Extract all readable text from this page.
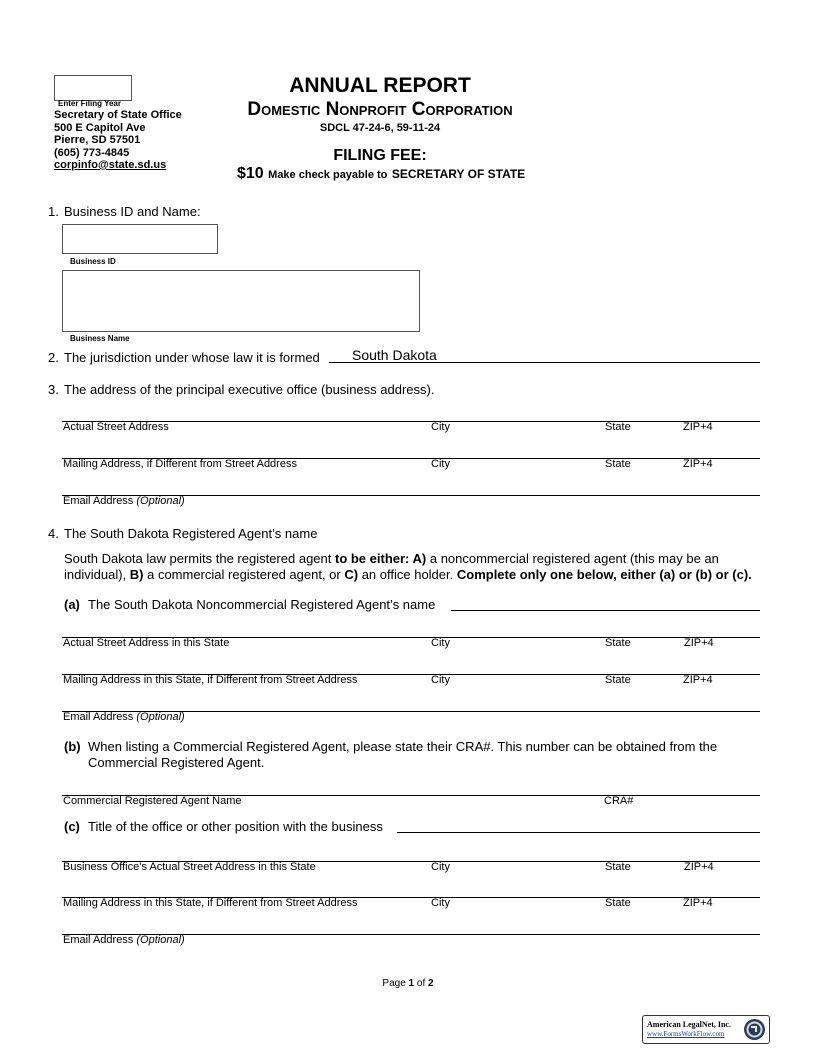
Enter Filing Year
Secretary of State Office
500 E Capitol Ave
Pierre, SD 57501
(605) 773-4845
corpinfo@state.sd.us
ANNUAL REPORT
Domestic Nonprofit Corporation
SDCL 47-24-6, 59-11-24
FILING FEE:
$10 Make check payable to SECRETARY OF STATE
1. Business ID and Name:
Business ID
Business Name
2. The jurisdiction under whose law it is formed South Dakota
3. The address of the principal executive office (business address).
Actual Street Address	City	State	ZIP+4
Mailing Address, if Different from Street Address	City	State	ZIP+4
Email Address (Optional)
4. The South Dakota Registered Agent’s name
South Dakota law permits the registered agent to be either: A) a noncommercial registered agent (this may be an
individual), B) a commercial registered agent, or C) an office holder. Complete only one below, either (a) or (b) or (c).
(a) The South Dakota Noncommercial Registered Agent’s name
Actual Street Address in this State	City	State	ZIP+4
Mailing Address in this State, if Different from Street Address	City	State	ZIP+4
Email Address (Optional)
(b) When listing a Commercial Registered Agent, please state their CRA#. This number can be obtained from the
Commercial Registered Agent.
Commercial Registered Agent Name	CRA#
(c) Title of the office or other position with the business
Business Office’s Actual Street Address in this State	City	State	ZIP+4
Mailing Address in this State, if Different from Street Address	City	State	ZIP+4
Email Address (Optional)
Page 1 of 2
American LegalNet, Inc.
www.FormsWorkFlow.com
